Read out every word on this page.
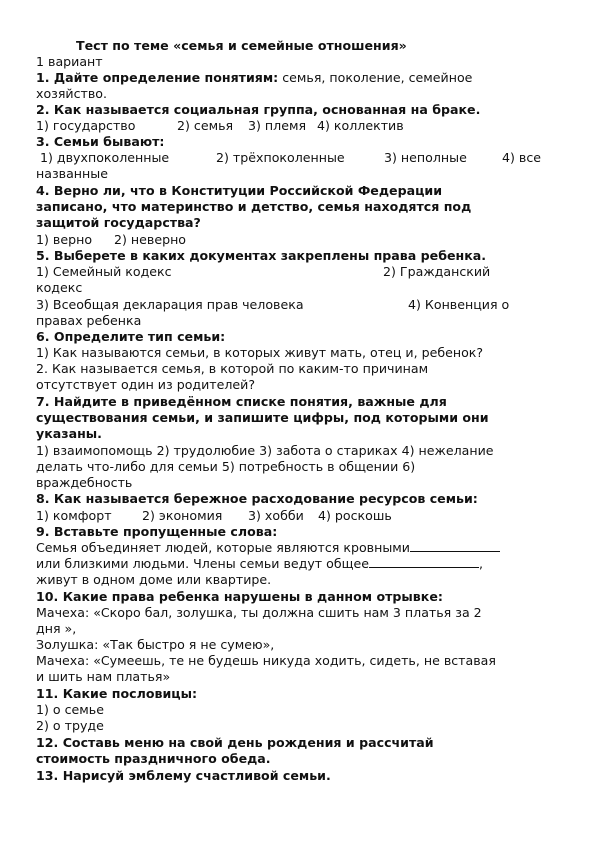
Тест по теме «семья и семейные отношения»
1 вариант
1. Дайте определение понятиям: семья, поколение, семейное
хозяйство.
2. Как называется социальная группа, основанная на браке.
1) государство	2) семья 3) племя 4) коллектив
3. Семьи бывают:
1) двухпоколенные	2) трёхпоколенные	3) неполные	4) все
названные
4. Верно ли, что в Конституции Российской Федерации
записано, что материнство и детство, семья находятся под
защитой государства?
1) верно 2) неверно
5. Выберете в каких документах закреплены права ребенка.
1) Семейный кодекс	2) Гражданский
кодекс
3) Всеобщая декларация прав человека	4) Конвенция о
правах ребенка
6. Определите тип семьи:
1) Как называются семьи, в которых живут мать, отец и, ребенок?
2. Как называется семья, в которой по каким-то причинам
отсутствует один из родителей?
7. Найдите в приведённом списке понятия, важные для
существования семьи, и запишите цифры, под которыми они
указаны.
1) взаимопомощь 2) трудолюбие 3) забота о стариках 4) нежелание
делать что-либо для семьи 5) потребность в общении 6)
враждебность
8. Как называется бережное расходование ресурсов семьи:
1) комфорт 2) экономия 3) хобби 4) роскошь
9. Вставьте пропущенные слова:
Семья объединяет людей, которые являются кровными
или близкими людьми. Члены семьи ведут общее	,
живут в одном доме или квартире.
10. Какие права ребенка нарушены в данном отрывке:
Мачеха: «Скоро бал, золушка, ты должна сшить нам 3 платья за 2
дня »,
Золушка: «Так быстро я не сумею»,
Мачеха: «Сумеешь, те не будешь никуда ходить, сидеть, не вставая
и шить нам платья»
11. Какие пословицы:
1) о семье
2) о труде
12. Составь меню на свой день рождения и рассчитай
стоимость праздничного обеда.
13. Нарисуй эмблему счастливой семьи.
